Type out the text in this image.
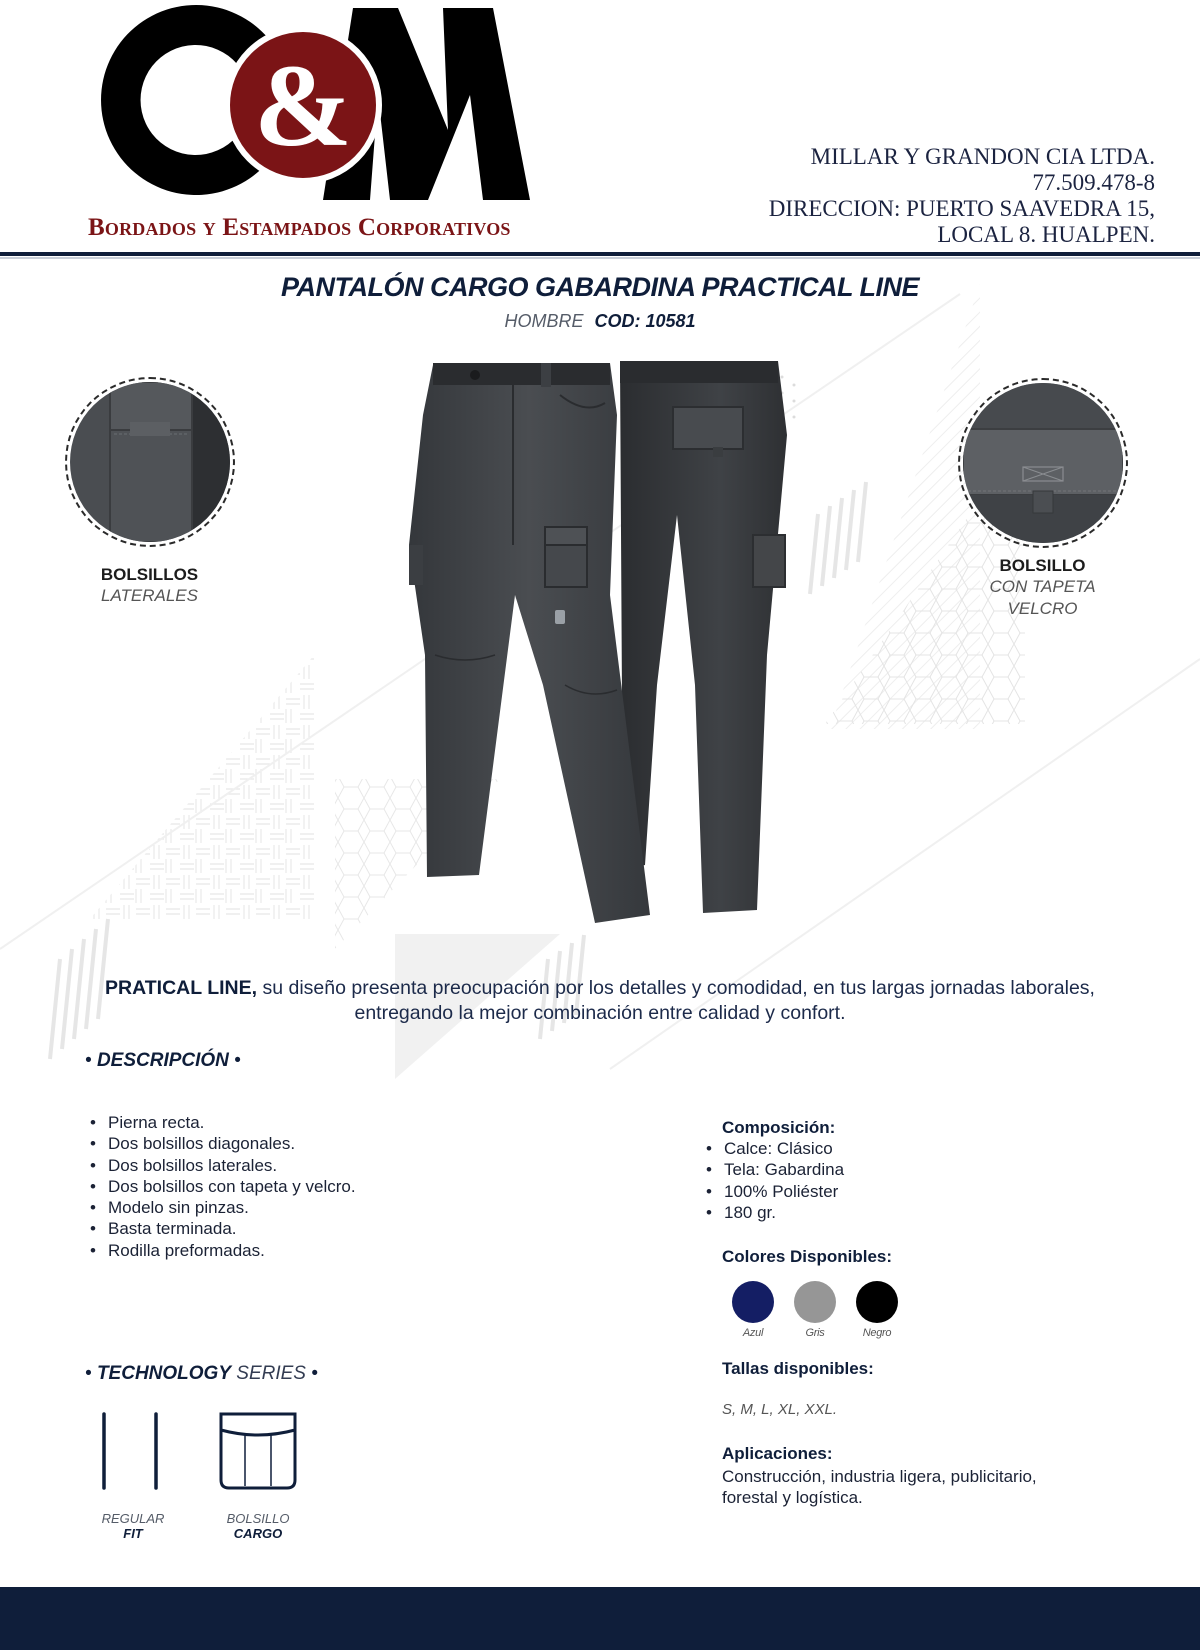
&
Bordados y Estampados Corporativos
MILLAR Y GRANDON CIA LTDA.
77.509.478-8
DIRECCION: PUERTO SAAVEDRA 15,
LOCAL 8. HUALPEN.
PANTALÓN CARGO GABARDINA PRACTICAL LINE
HOMBRE COD: 10581
BOLSILLOS
LATERALES
BOLSILLO
CON TAPETA
VELCRO
PRATICAL LINE, su diseño presenta preocupación por los detalles y comodidad, en tus largas jornadas laborales,
entregando la mejor combinación entre calidad y confort.
• DESCRIPCIÓN •
• Pierna recta.
• Dos bolsillos diagonales.
• Dos bolsillos laterales.
• Dos bolsillos con tapeta y velcro.
• Modelo sin pinzas.
• Basta terminada.
• Rodilla preformadas.
Composición:
• Calce: Clásico
• Tela: Gabardina
• 100% Poliéster
• 180 gr.
Colores Disponibles:
Azul	Gris	Negro
Tallas disponibles:
S, M, L, XL, XXL.
Aplicaciones:
Construcción, industria ligera, publicitario,
forestal y logística.
• TECHNOLOGY SERIES •
REGULAR
FIT
BOLSILLO
CARGO
